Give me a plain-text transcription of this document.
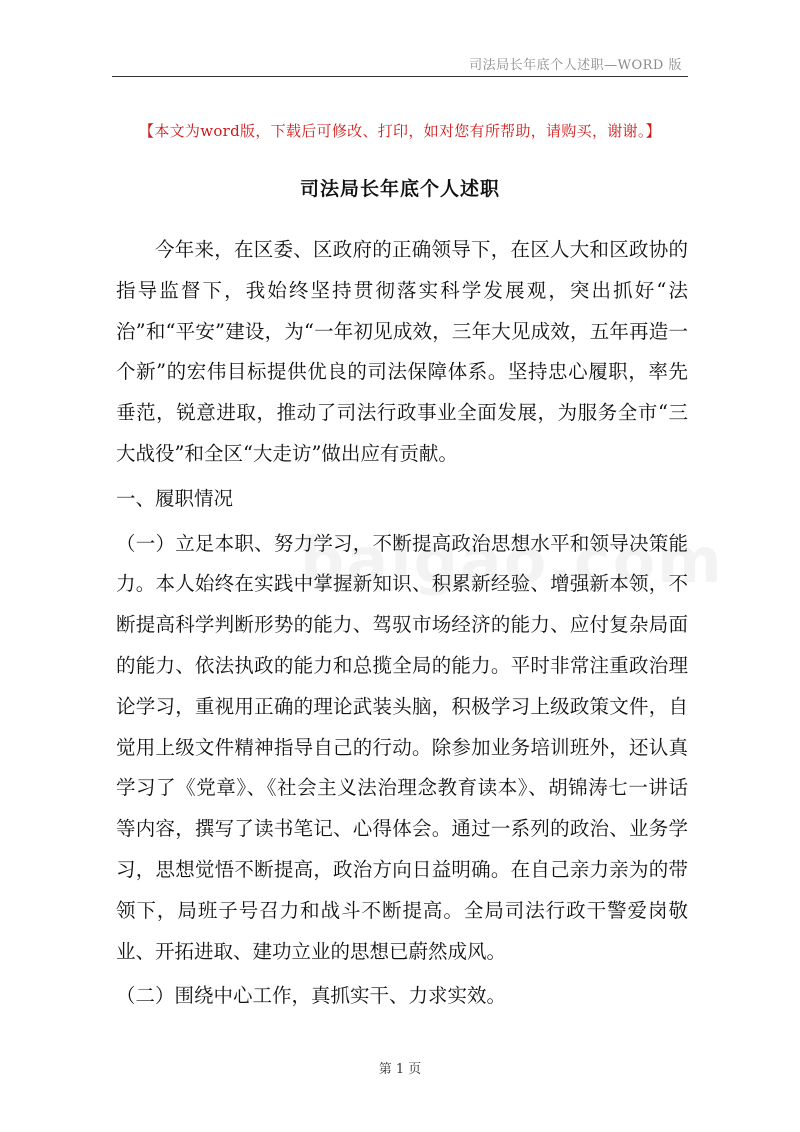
司法局长年底个人述职—WORD 版
【本文为word版，下载后可修改、打印，如对您有所帮助，请购买，谢谢。】
司法局长年底个人述职

今年来，在区委、区政府的正确领导下，在区人大和区政协的指导监督下，我始终坚持贯彻落实科学发展观，突出抓好“法治”和“平安”建设，为“一年初见成效，三年大见成效，五年再造一个新”的宏伟目标提供优良的司法保障体系。坚持忠心履职，率先垂范，锐意进取，推动了司法行政事业全面发展，为服务全市“三大战役”和全区“大走访”做出应有贡献。

一、履职情况

（一）立足本职、努力学习，不断提高政治思想水平和领导决策能力。本人始终在实践中掌握新知识、积累新经验、增强新本领，不断提高科学判断形势的能力、驾驭市场经济的能力、应付复杂局面的能力、依法执政的能力和总揽全局的能力。平时非常注重政治理论学习，重视用正确的理论武装头脑，积极学习上级政策文件，自觉用上级文件精神指导自己的行动。除参加业务培训班外，还认真学习了《党章》、《社会主义法治理念教育读本》、胡锦涛七一讲话等内容，撰写了读书笔记、心得体会。通过一系列的政治、业务学习，思想觉悟不断提高，政治方向日益明确。在自己亲力亲为的带领下，局班子号召力和战斗不断提高。全局司法行政干警爱岗敬业、开拓进取、建功立业的思想已蔚然成风。

（二）围绕中心工作，真抓实干、力求实效。

第 1 页
